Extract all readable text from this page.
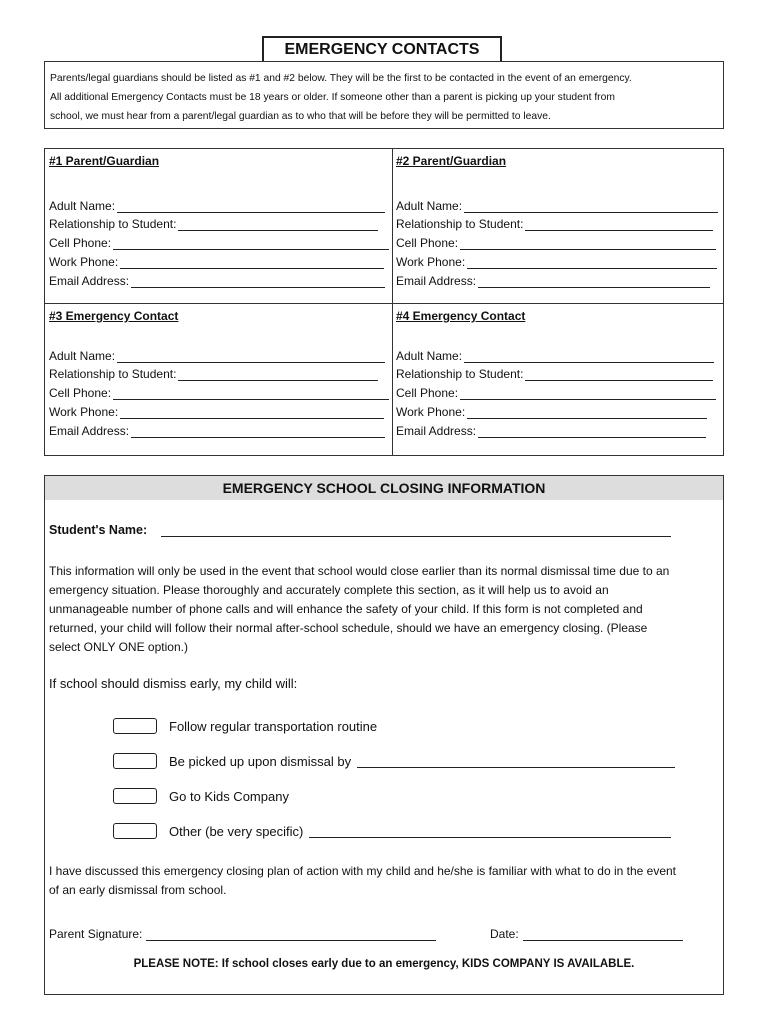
EMERGENCY CONTACTS
Parents/legal guardians should be listed as #1 and #2 below. They will be the first to be contacted in the event of an emergency.
All additional Emergency Contacts must be 18 years or older. If someone other than a parent is picking up your student from
school, we must hear from a parent/legal guardian as to who that will be before they will be permitted to leave.
#1 Parent/Guardian
Adult Name:
Relationship to Student:
Cell Phone:
Work Phone:
Email Address:
#2 Parent/Guardian
Adult Name:
Relationship to Student:
Cell Phone:
Work Phone:
Email Address:
#3 Emergency Contact
Adult Name:
Relationship to Student:
Cell Phone:
Work Phone:
Email Address:
#4 Emergency Contact
Adult Name:
Relationship to Student:
Cell Phone:
Work Phone:
Email Address:
EMERGENCY SCHOOL CLOSING INFORMATION
Student's Name:
This information will only be used in the event that school would close earlier than its normal dismissal time due to an
emergency situation. Please thoroughly and accurately complete this section, as it will help us to avoid an
unmanageable number of phone calls and will enhance the safety of your child. If this form is not completed and
returned, your child will follow their normal after-school schedule, should we have an emergency closing. (Please
select ONLY ONE option.)
If school should dismiss early, my child will:
Follow regular transportation routine
Be picked up upon dismissal by
Go to Kids Company
Other (be very specific)
I have discussed this emergency closing plan of action with my child and he/she is familiar with what to do in the event
of an early dismissal from school.
Parent Signature:	Date:
PLEASE NOTE: If school closes early due to an emergency, KIDS COMPANY IS AVAILABLE.
